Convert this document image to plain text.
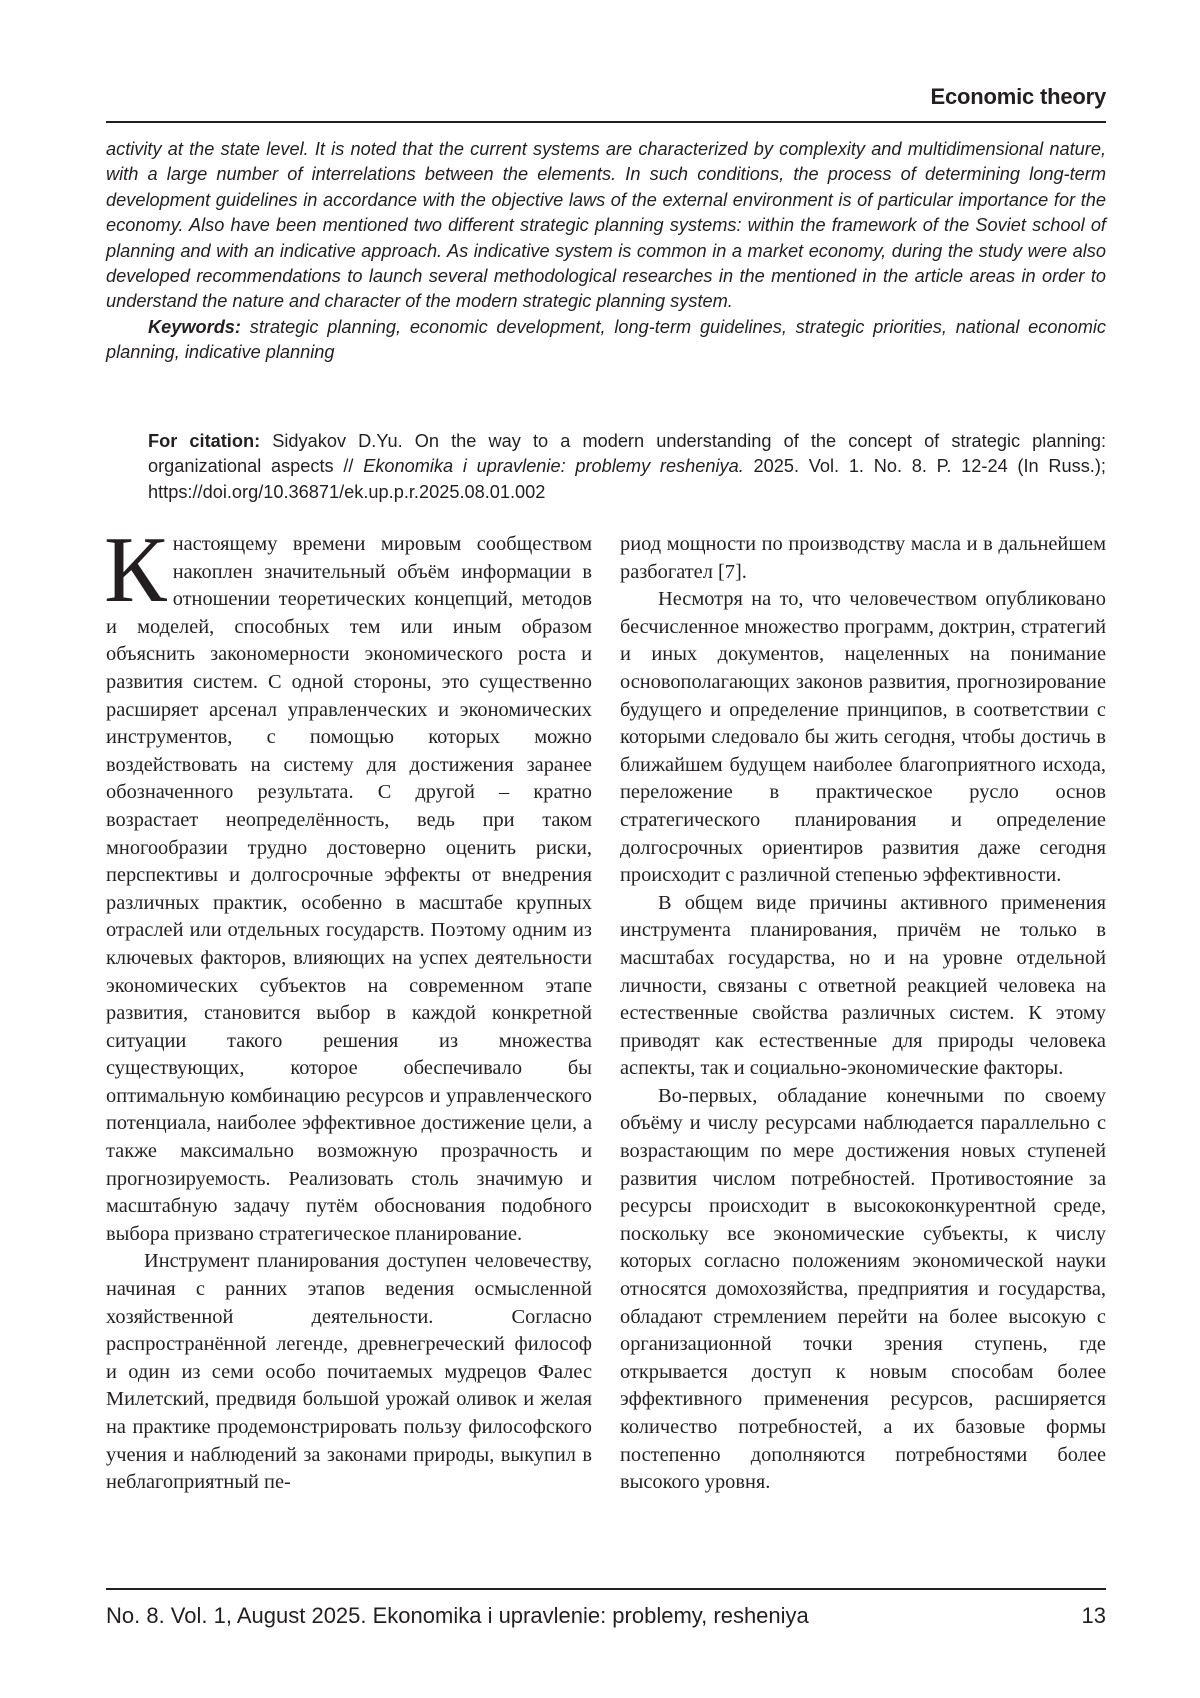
Economic theory

activity at the state level. It is noted that the current systems are characterized by complexity and multidimensional nature, with a large number of interrelations between the elements. In such conditions, the process of determining long-term development guidelines in accordance with the objective laws of the external environment is of particular importance for the economy. Also have been mentioned two different strategic planning systems: within the framework of the Soviet school of planning and with an indicative approach. As indicative system is common in a market economy, during the study were also developed recommendations to launch several methodological researches in the mentioned in the article areas in order to understand the nature and character of the modern strategic planning system.

Keywords: strategic planning, economic development, long-term guidelines, strategic priorities, national economic planning, indicative planning

For citation: Sidyakov D.Yu. On the way to a modern understanding of the concept of strategic planning: organizational aspects // Ekonomika i upravlenie: problemy resheniya. 2025. Vol. 1. No. 8. P. 12-24 (In Russ.); https://doi.org/10.36871/ek.up.p.r.2025.08.01.002

К настоящему времени мировым сообществом накоплен значительный объём информации в отношении теоретических концепций, методов и моделей, способных тем или иным образом объяснить закономерности экономического роста и развития систем. С одной стороны, это существенно расширяет арсенал управленческих и экономических инструментов, с помощью которых можно воздействовать на систему для достижения заранее обозначенного результата. С другой – кратно возрастает неопределённость, ведь при таком многообразии трудно достоверно оценить риски, перспективы и долгосрочные эффекты от внедрения различных практик, особенно в масштабе крупных отраслей или отдельных государств. Поэтому одним из ключевых факторов, влияющих на успех деятельности экономических субъектов на современном этапе развития, становится выбор в каждой конкретной ситуации такого решения из множества существующих, которое обеспечивало бы оптимальную комбинацию ресурсов и управленческого потенциала, наиболее эффективное достижение цели, а также максимально возможную прозрачность и прогнозируемость. Реализовать столь значимую и масштабную задачу путём обоснования подобного выбора призвано стратегическое планирование.

Инструмент планирования доступен человечеству, начиная с ранних этапов ведения осмысленной хозяйственной деятельности. Согласно распространённой легенде, древнегреческий философ и один из семи особо почитаемых мудрецов Фалес Милетский, предвидя большой урожай оливок и желая на практике продемонстрировать пользу философского учения и наблюдений за законами природы, выкупил в неблагоприятный пе-

риод мощности по производству масла и в дальнейшем разбогател [7].

Несмотря на то, что человечеством опубликовано бесчисленное множество программ, доктрин, стратегий и иных документов, нацеленных на понимание основополагающих законов развития, прогнозирование будущего и определение принципов, в соответствии с которыми следовало бы жить сегодня, чтобы достичь в ближайшем будущем наиболее благоприятного исхода, переложение в практическое русло основ стратегического планирования и определение долгосрочных ориентиров развития даже сегодня происходит с различной степенью эффективности.

В общем виде причины активного применения инструмента планирования, причём не только в масштабах государства, но и на уровне отдельной личности, связаны с ответной реакцией человека на естественные свойства различных систем. К этому приводят как естественные для природы человека аспекты, так и социально-экономические факторы.

Во-первых, обладание конечными по своему объёму и числу ресурсами наблюдается параллельно с возрастающим по мере достижения новых ступеней развития числом потребностей. Противостояние за ресурсы происходит в высококонкурентной среде, поскольку все экономические субъекты, к числу которых согласно положениям экономической науки относятся домохозяйства, предприятия и государства, обладают стремлением перейти на более высокую с организационной точки зрения ступень, где открывается доступ к новым способам более эффективного применения ресурсов, расширяется количество потребностей, а их базовые формы постепенно дополняются потребностями более высокого уровня.

No. 8. Vol. 1, August 2025. Ekonomika i upravlenie: problemy, resheniya	13
